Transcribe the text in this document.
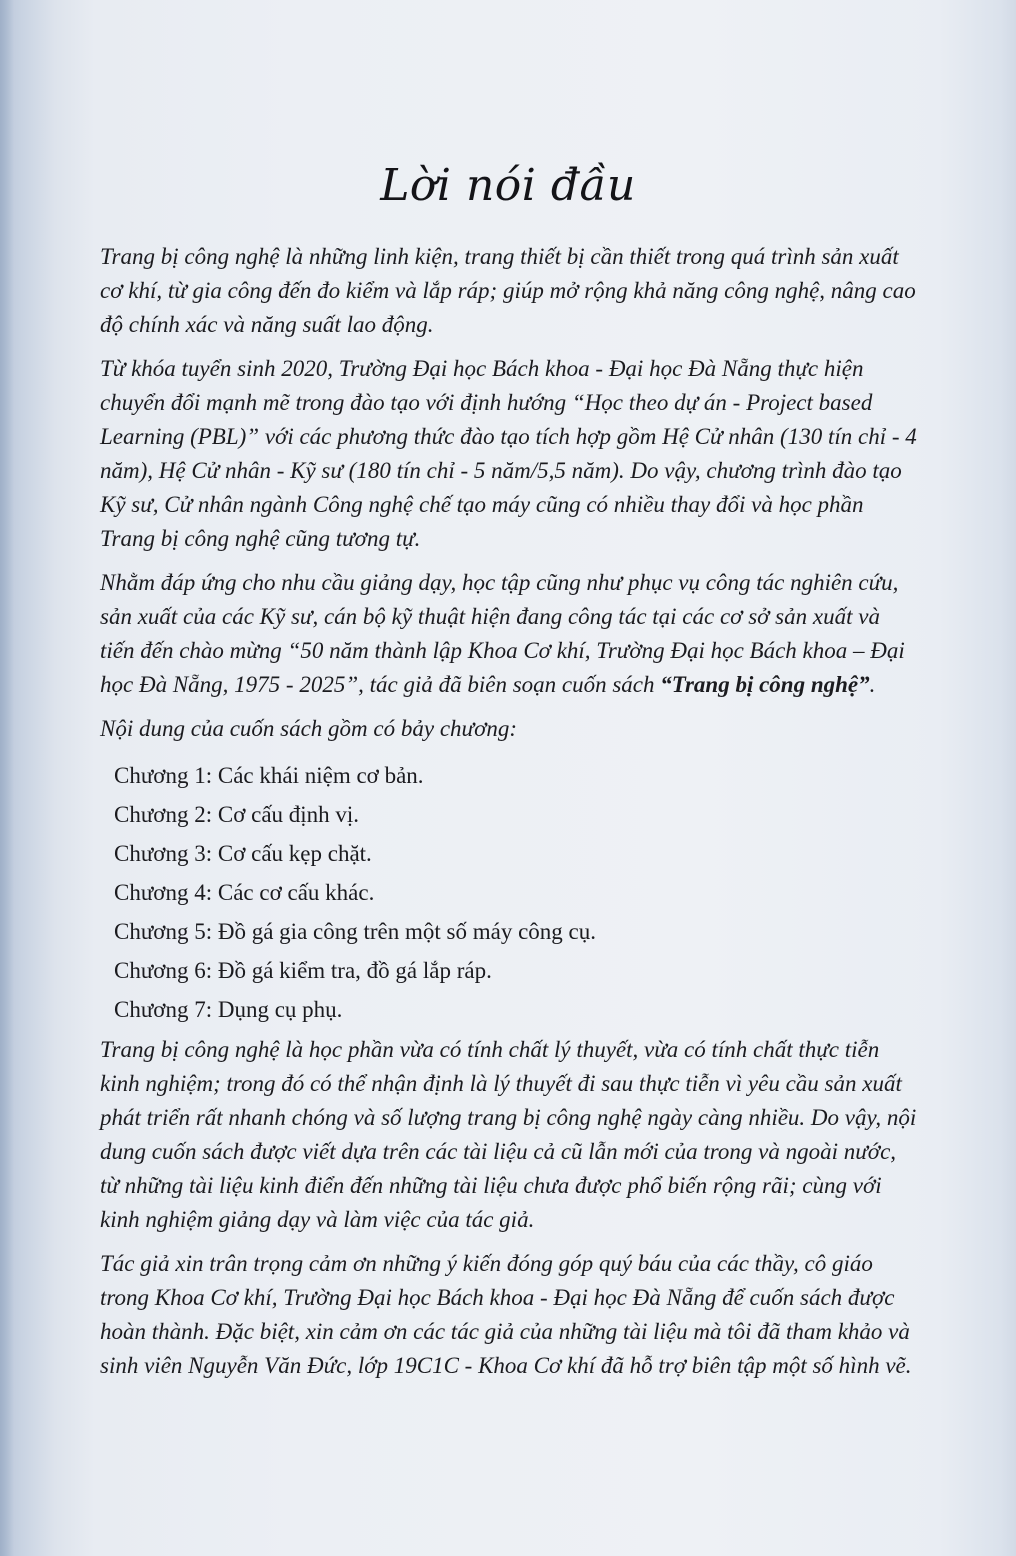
Lời nói đầu

Trang bị công nghệ là những linh kiện, trang thiết bị cần thiết trong quá trình sản xuất cơ khí, từ gia công đến đo kiểm và lắp ráp; giúp mở rộng khả năng công nghệ, nâng cao độ chính xác và năng suất lao động.

Từ khóa tuyển sinh 2020, Trường Đại học Bách khoa - Đại học Đà Nẵng thực hiện chuyển đổi mạnh mẽ trong đào tạo với định hướng “Học theo dự án - Project based Learning (PBL)” với các phương thức đào tạo tích hợp gồm Hệ Cử nhân (130 tín chỉ - 4 năm), Hệ Cử nhân - Kỹ sư (180 tín chỉ - 5 năm/5,5 năm). Do vậy, chương trình đào tạo Kỹ sư, Cử nhân ngành Công nghệ chế tạo máy cũng có nhiều thay đổi và học phần Trang bị công nghệ cũng tương tự.

Nhằm đáp ứng cho nhu cầu giảng dạy, học tập cũng như phục vụ công tác nghiên cứu, sản xuất của các Kỹ sư, cán bộ kỹ thuật hiện đang công tác tại các cơ sở sản xuất và tiến đến chào mừng “50 năm thành lập Khoa Cơ khí, Trường Đại học Bách khoa – Đại học Đà Nẵng, 1975 - 2025”, tác giả đã biên soạn cuốn sách “Trang bị công nghệ”.

Nội dung của cuốn sách gồm có bảy chương:

Chương 1: Các khái niệm cơ bản.
Chương 2: Cơ cấu định vị.
Chương 3: Cơ cấu kẹp chặt.
Chương 4: Các cơ cấu khác.
Chương 5: Đồ gá gia công trên một số máy công cụ.
Chương 6: Đồ gá kiểm tra, đồ gá lắp ráp.
Chương 7: Dụng cụ phụ.

Trang bị công nghệ là học phần vừa có tính chất lý thuyết, vừa có tính chất thực tiễn kinh nghiệm; trong đó có thể nhận định là lý thuyết đi sau thực tiễn vì yêu cầu sản xuất phát triển rất nhanh chóng và số lượng trang bị công nghệ ngày càng nhiều. Do vậy, nội dung cuốn sách được viết dựa trên các tài liệu cả cũ lẫn mới của trong và ngoài nước, từ những tài liệu kinh điển đến những tài liệu chưa được phổ biến rộng rãi; cùng với kinh nghiệm giảng dạy và làm việc của tác giả.

Tác giả xin trân trọng cảm ơn những ý kiến đóng góp quý báu của các thầy, cô giáo trong Khoa Cơ khí, Trường Đại học Bách khoa - Đại học Đà Nẵng để cuốn sách được hoàn thành. Đặc biệt, xin cảm ơn các tác giả của những tài liệu mà tôi đã tham khảo và sinh viên Nguyễn Văn Đức, lớp 19C1C - Khoa Cơ khí đã hỗ trợ biên tập một số hình vẽ.
